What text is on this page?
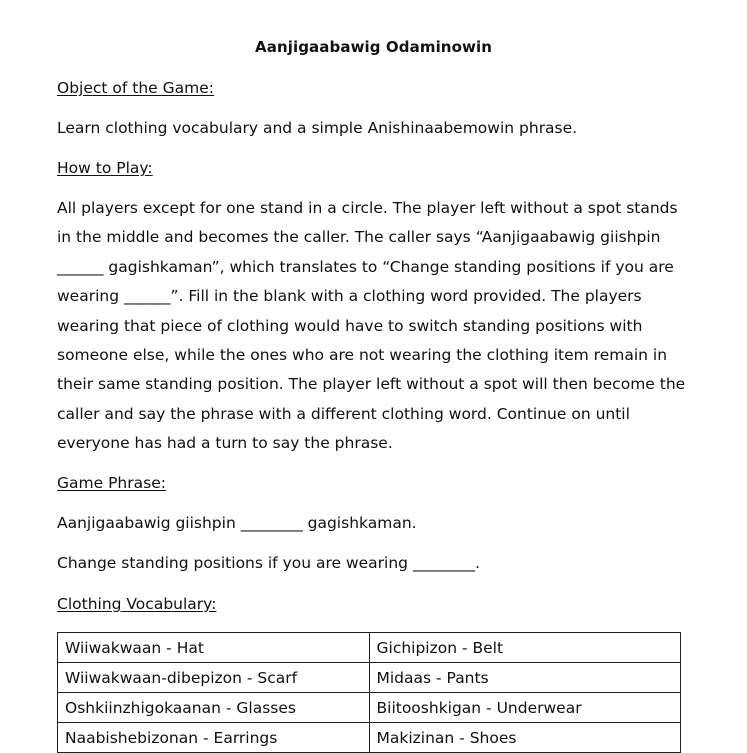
Aanjigaabawig Odaminowin
Object of the Game:
Learn clothing vocabulary and a simple Anishinaabemowin phrase.
How to Play:
All players except for one stand in a circle. The player left without a spot stands
in the middle and becomes the caller. The caller says “Aanjigaabawig giishpin
______ gagishkaman”, which translates to “Change standing positions if you are
wearing ______”. Fill in the blank with a clothing word provided. The players
wearing that piece of clothing would have to switch standing positions with
someone else, while the ones who are not wearing the clothing item remain in
their same standing position. The player left without a spot will then become the
caller and say the phrase with a different clothing word. Continue on until
everyone has had a turn to say the phrase.
Game Phrase:
Aanjigaabawig giishpin ________ gagishkaman.
Change standing positions if you are wearing ________.
Clothing Vocabulary:
Wiiwakwaan - Hat	Gichipizon - Belt
Wiiwakwaan-dibepizon - Scarf	Midaas - Pants
Oshkiinzhigokaanan - Glasses	Biitooshkigan - Underwear
Naabishebizonan - Earrings	Makizinan - Shoes
